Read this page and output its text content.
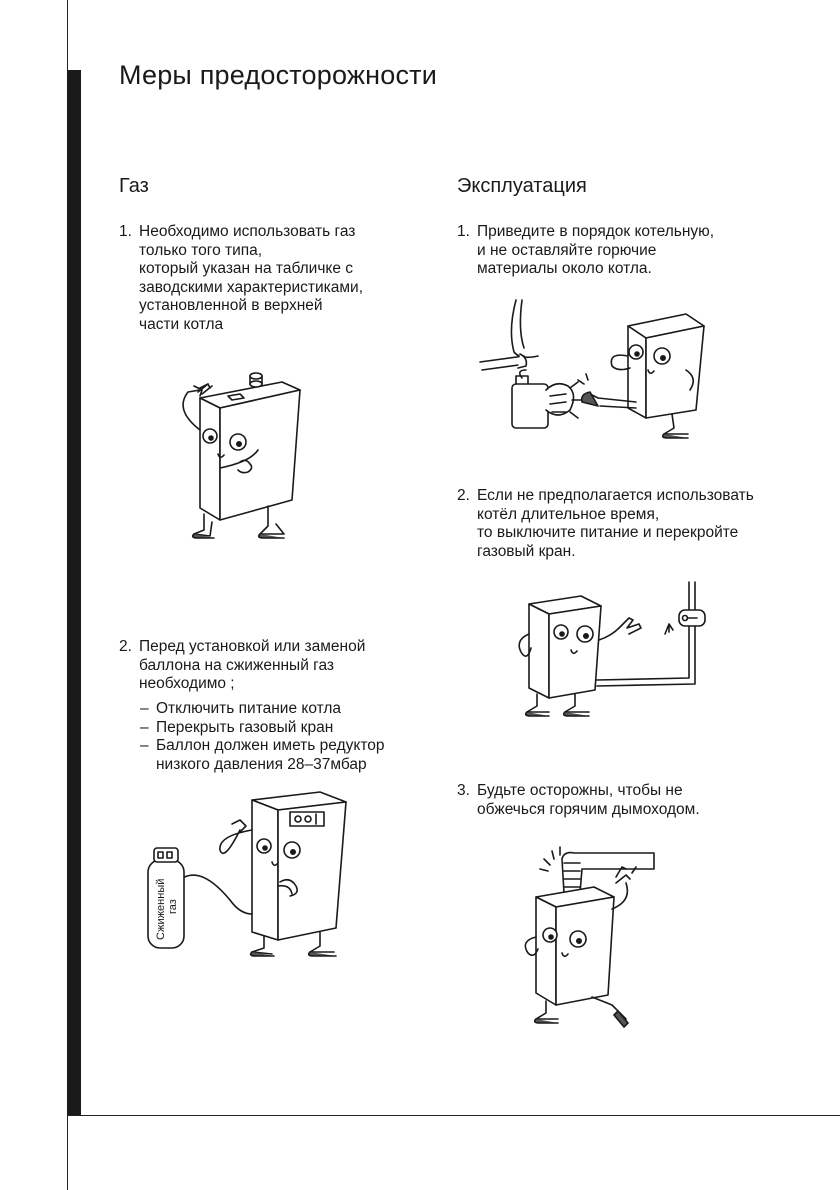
Меры предосторожности
Газ
1. Необходимо использовать газ
только того типа,
который указан на табличке с
заводскими характеристиками,
установленной в верхней
части котла
2. Перед установкой или заменой
баллона на сжиженный газ
необходимо ;
– Отключить питание котла
– Перекрыть газовый кран
– Баллон должен иметь редуктор
низкого давления 28–37мбар
Сжиженный газ
Эксплуатация
1. Приведите в порядок котельную,
и не оставляйте горючие
материалы около котла.
2. Если не предполагается использовать
котёл длительное время,
то выключите питание и перекройте
газовый кран.
3. Будьте осторожны, чтобы не
обжечься горячим дымоходом.
